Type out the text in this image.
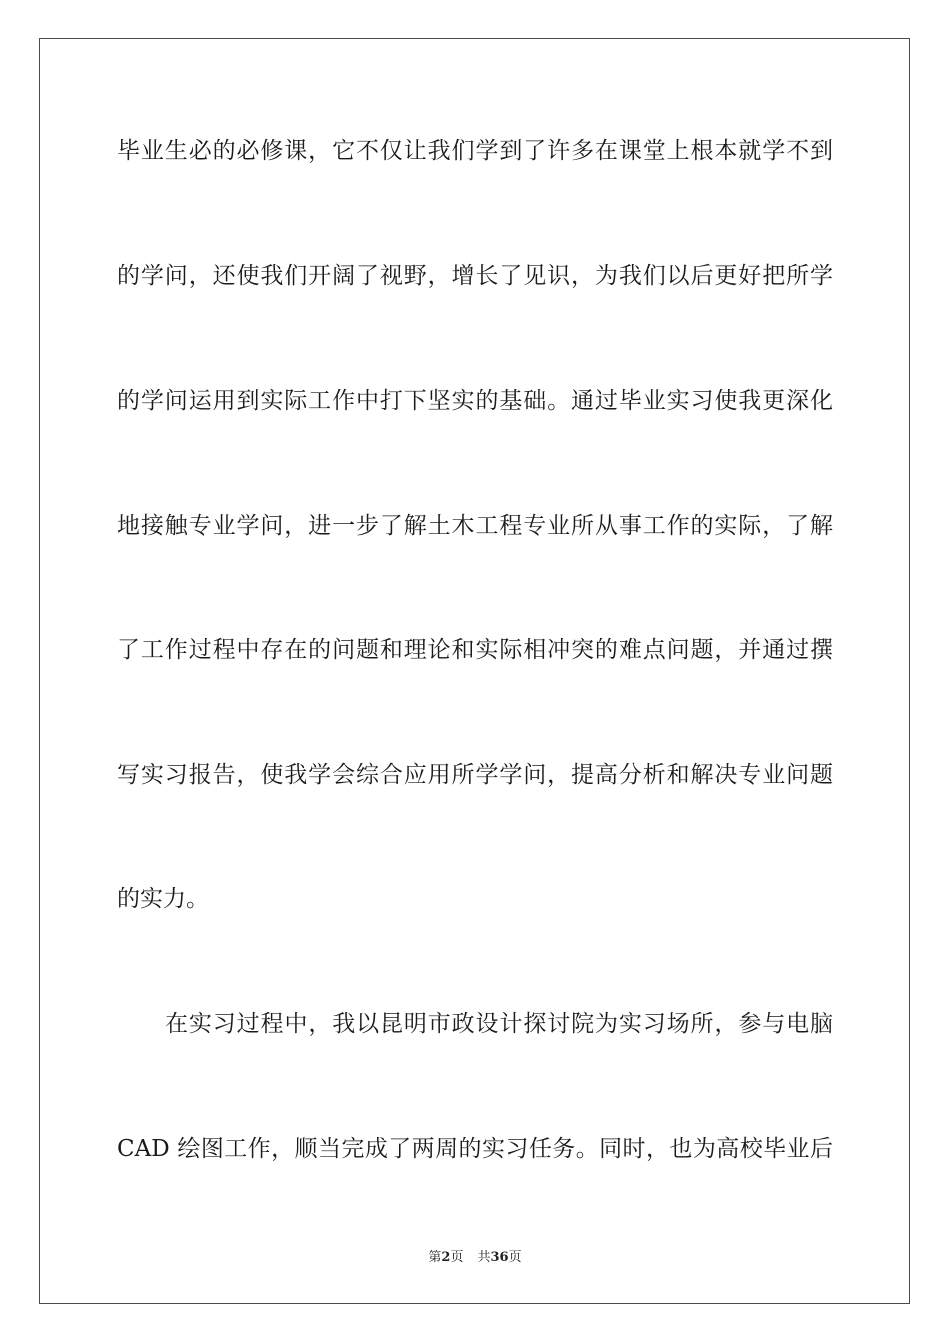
毕业生必的必修课，它不仅让我们学到了许多在课堂上根本就学不到
的学问，还使我们开阔了视野，增长了见识，为我们以后更好把所学
的学问运用到实际工作中打下坚实的基础。通过毕业实习使我更深化
地接触专业学问，进一步了解土木工程专业所从事工作的实际，了解
了工作过程中存在的问题和理论和实际相冲突的难点问题，并通过撰
写实习报告，使我学会综合应用所学学问，提高分析和解决专业问题
的实力。
在实习过程中，我以昆明市政设计探讨院为实习场所，参与电脑
CAD 绘图工作，顺当完成了两周的实习任务。同时，也为高校毕业后
第2页 共36页
